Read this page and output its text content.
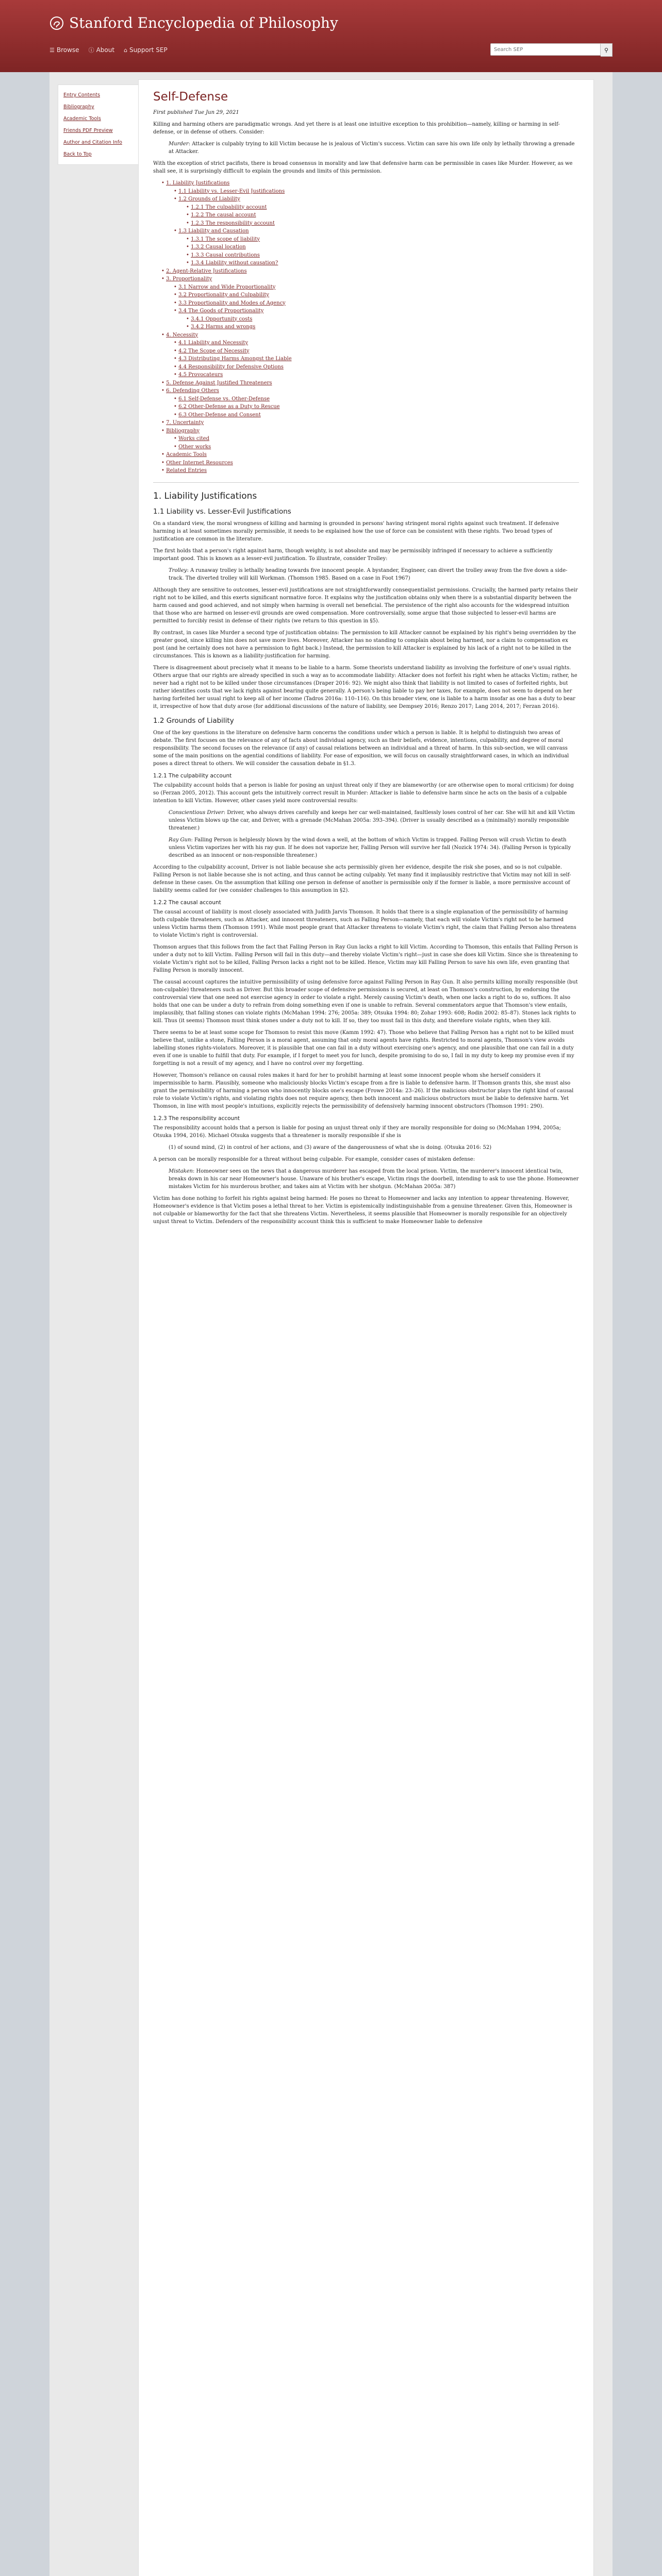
Stanford Encyclopedia of Philosophy
☰ Browse ⓘ About ⌂ Support SEP
Search SEP	⚲
Entry Contents
Bibliography
Academic Tools
Friends PDF Preview
Author and Citation Info
Back to Top
Self-Defense
First published Tue Jun 29, 2021

Killing and harming others are paradigmatic wrongs. And yet there is at least one intuitive exception to this prohibition—namely, killing or harming in self-defense, or in defense of others. Consider:

Murder: Attacker is culpably trying to kill Victim because he is jealous of Victim's success. Victim can save his own life only by lethally throwing a grenade at Attacker.

With the exception of strict pacifists, there is broad consensus in morality and law that defensive harm can be permissible in cases like Murder. However, as we shall see, it is surprisingly difficult to explain the grounds and limits of this permission.

• 1. Liability Justifications
• 1.1 Liability vs. Lesser-Evil Justifications
• 1.2 Grounds of Liability
• 1.2.1 The culpability account
• 1.2.2 The causal account
• 1.2.3 The responsibility account
• 1.3 Liability and Causation
• 1.3.1 The scope of liability
• 1.3.2 Causal location
• 1.3.3 Causal contributions
• 1.3.4 Liability without causation?
• 2. Agent-Relative Justifications
• 3. Proportionality
• 3.1 Narrow and Wide Proportionality
• 3.2 Proportionality and Culpability
• 3.3 Proportionality and Modes of Agency
• 3.4 The Goods of Proportionality
• 3.4.1 Opportunity costs
• 3.4.2 Harms and wrongs
• 4. Necessity
• 4.1 Liability and Necessity
• 4.2 The Scope of Necessity
• 4.3 Distributing Harms Amongst the Liable
• 4.4 Responsibility for Defensive Options
• 4.5 Provocateurs
• 5. Defense Against Justified Threateners
• 6. Defending Others
• 6.1 Self-Defense vs. Other-Defense
• 6.2 Other-Defense as a Duty to Rescue
• 6.3 Other-Defense and Consent
• 7. Uncertainty
• Bibliography
• Works cited
• Other works
• Academic Tools
• Other Internet Resources
• Related Entries
1. Liability Justifications
1.1 Liability vs. Lesser-Evil Justifications

On a standard view, the moral wrongness of killing and harming is grounded in persons' having stringent moral rights against such treatment. If defensive harming is at least sometimes morally permissible, it needs to be explained how the use of force can be consistent with these rights. Two broad types of justification are common in the literature.

The first holds that a person's right against harm, though weighty, is not absolute and may be permissibly infringed if necessary to achieve a sufficiently important good. This is known as a lesser-evil justification. To illustrate, consider Trolley:

Trolley: A runaway trolley is lethally heading towards five innocent people. A bystander, Engineer, can divert the trolley away from the five down a side-track. The diverted trolley will kill Workman. (Thomson 1985. Based on a case in Foot 1967)

Although they are sensitive to outcomes, lesser-evil justifications are not straightforwardly consequentialist permissions. Crucially, the harmed party retains their right not to be killed, and this exerts significant normative force. It explains why the justification obtains only when there is a substantial disparity between the harm caused and good achieved, and not simply when harming is overall net beneficial. The persistence of the right also accounts for the widespread intuition that those who are harmed on lesser-evil grounds are owed compensation. More controversially, some argue that those subjected to lesser-evil harms are permitted to forcibly resist in defense of their rights (we return to this question in §5).

By contrast, in cases like Murder a second type of justification obtains: The permission to kill Attacker cannot be explained by his right's being overridden by the greater good, since killing him does not save more lives. Moreover, Attacker has no standing to complain about being harmed, nor a claim to compensation ex post (and he certainly does not have a permission to fight back.) Instead, the permission to kill Attacker is explained by his lack of a right not to be killed in the circumstances. This is known as a liability-justification for harming.

There is disagreement about precisely what it means to be liable to a harm. Some theorists understand liability as involving the forfeiture of one's usual rights. Others argue that our rights are already specified in such a way as to accommodate liability: Attacker does not forfeit his right when he attacks Victim; rather, he never had a right not to be killed under those circumstances (Draper 2016: 92). We might also think that liability is not limited to cases of forfeited rights, but rather identifies costs that we lack rights against bearing quite generally. A person's being liable to pay her taxes, for example, does not seem to depend on her having forfeited her usual right to keep all of her income (Tadros 2016a: 110–116). On this broader view, one is liable to a harm insofar as one has a duty to bear it, irrespective of how that duty arose (for additional discussions of the nature of liability, see Dempsey 2016; Renzo 2017; Lang 2014, 2017; Ferzan 2016).

1.2 Grounds of Liability

One of the key questions in the literature on defensive harm concerns the conditions under which a person is liable. It is helpful to distinguish two areas of debate. The first focuses on the relevance of any of facts about individual agency, such as their beliefs, evidence, intentions, culpability, and degree of moral responsibility. The second focuses on the relevance (if any) of causal relations between an individual and a threat of harm. In this sub-section, we will canvass some of the main positions on the agential conditions of liability. For ease of exposition, we will focus on causally straightforward cases, in which an individual poses a direct threat to others. We will consider the causation debate in §1.3.

1.2.1 The culpability account

The culpability account holds that a person is liable for posing an unjust threat only if they are blameworthy (or are otherwise open to moral criticism) for doing so (Ferzan 2005, 2012). This account gets the intuitively correct result in Murder: Attacker is liable to defensive harm since he acts on the basis of a culpable intention to kill Victim. However, other cases yield more controversial results:

Conscientious Driver: Driver, who always drives carefully and keeps her car well-maintained, faultlessly loses control of her car. She will hit and kill Victim unless Victim blows up the car, and Driver, with a grenade (McMahan 2005a: 393–394). (Driver is usually described as a (minimally) morally responsible threatener.)
Ray Gun: Falling Person is helplessly blown by the wind down a well, at the bottom of which Victim is trapped. Falling Person will crush Victim to death unless Victim vaporizes her with his ray gun. If he does not vaporize her, Falling Person will survive her fall (Nozick 1974: 34). (Falling Person is typically described as an innocent or non-responsible threatener.)

According to the culpability account, Driver is not liable because she acts permissibly given her evidence, despite the risk she poses, and so is not culpable. Falling Person is not liable because she is not acting, and thus cannot be acting culpably. Yet many find it implausibly restrictive that Victim may not kill in self-defense in these cases. On the assumption that killing one person in defense of another is permissible only if the former is liable, a more permissive account of liability seems called for (we consider challenges to this assumption in §2).

1.2.2 The causal account

The causal account of liability is most closely associated with Judith Jarvis Thomson. It holds that there is a single explanation of the permissibility of harming both culpable threateners, such as Attacker, and innocent threateners, such as Falling Person—namely, that each will violate Victim's right not to be harmed unless Victim harms them (Thomson 1991). While most people grant that Attacker threatens to violate Victim's right, the claim that Falling Person also threatens to violate Victim's right is controversial.

Thomson argues that this follows from the fact that Falling Person in Ray Gun lacks a right to kill Victim. According to Thomson, this entails that Falling Person is under a duty not to kill Victim. Falling Person will fail in this duty—and thereby violate Victim's right—just in case she does kill Victim. Since she is threatening to violate Victim's right not to be killed, Falling Person lacks a right not to be killed. Hence, Victim may kill Falling Person to save his own life, even granting that Falling Person is morally innocent.

The causal account captures the intuitive permissibility of using defensive force against Falling Person in Ray Gun. It also permits killing morally responsible (but non-culpable) threateners such as Driver. But this broader scope of defensive permissions is secured, at least on Thomson's construction, by endorsing the controversial view that one need not exercise agency in order to violate a right. Merely causing Victim's death, when one lacks a right to do so, suffices. It also holds that one can be under a duty to refrain from doing something even if one is unable to refrain. Several commentators argue that Thomson's view entails, implausibly, that falling stones can violate rights (McMahan 1994: 276; 2005a: 389; Otsuka 1994: 80; Zohar 1993: 608; Rodin 2002: 85–87). Stones lack rights to kill. Thus (it seems) Thomson must think stones under a duty not to kill. If so, they too must fail in this duty, and therefore violate rights, when they kill.

There seems to be at least some scope for Thomson to resist this move (Kamm 1992: 47). Those who believe that Falling Person has a right not to be killed must believe that, unlike a stone, Falling Person is a moral agent, assuming that only moral agents have rights. Restricted to moral agents, Thomson's view avoids labelling stones rights-violators. Moreover, it is plausible that one can fail in a duty without exercising one's agency, and one plausible that one can fail in a duty even if one is unable to fulfill that duty. For example, if I forget to meet you for lunch, despite promising to do so, I fail in my duty to keep my promise even if my forgetting is not a result of my agency, and I have no control over my forgetting.

However, Thomson's reliance on causal roles makes it hard for her to prohibit harming at least some innocent people whom she herself considers it impermissible to harm. Plausibly, someone who maliciously blocks Victim's escape from a fire is liable to defensive harm. If Thomson grants this, she must also grant the permissibility of harming a person who innocently blocks one's escape (Frowe 2014a: 23–26). If the malicious obstructor plays the right kind of causal role to violate Victim's rights, and violating rights does not require agency, then both innocent and malicious obstructors must be liable to defensive harm. Yet Thomson, in line with most people's intuitions, explicitly rejects the permissibility of defensively harming innocent obstructors (Thomson 1991: 290).

1.2.3 The responsibility account

The responsibility account holds that a person is liable for posing an unjust threat only if they are morally responsible for doing so (McMahan 1994, 2005a; Otsuka 1994, 2016). Michael Otsuka suggests that a threatener is morally responsible if she is

(1) of sound mind, (2) in control of her actions, and (3) aware of the dangerousness of what she is doing. (Otsuka 2016: 52)

A person can be morally responsible for a threat without being culpable. For example, consider cases of mistaken defense:

Mistaken: Homeowner sees on the news that a dangerous murderer has escaped from the local prison. Victim, the murderer's innocent identical twin, breaks down in his car near Homeowner's house. Unaware of his brother's escape, Victim rings the doorbell, intending to ask to use the phone. Homeowner mistakes Victim for his murderous brother, and takes aim at Victim with her shotgun. (McMahan 2005a: 387)

Victim has done nothing to forfeit his rights against being harmed: He poses no threat to Homeowner and lacks any intention to appear threatening. However, Homeowner's evidence is that Victim poses a lethal threat to her. Victim is epistemically indistinguishable from a genuine threatener. Given this, Homeowner is not culpable or blameworthy for the fact that she threatens Victim. Nevertheless, it seems plausible that Homeowner is morally responsible for an objectively unjust threat to Victim. Defenders of the responsibility account think this is sufficient to make Homeowner liable to defensive
